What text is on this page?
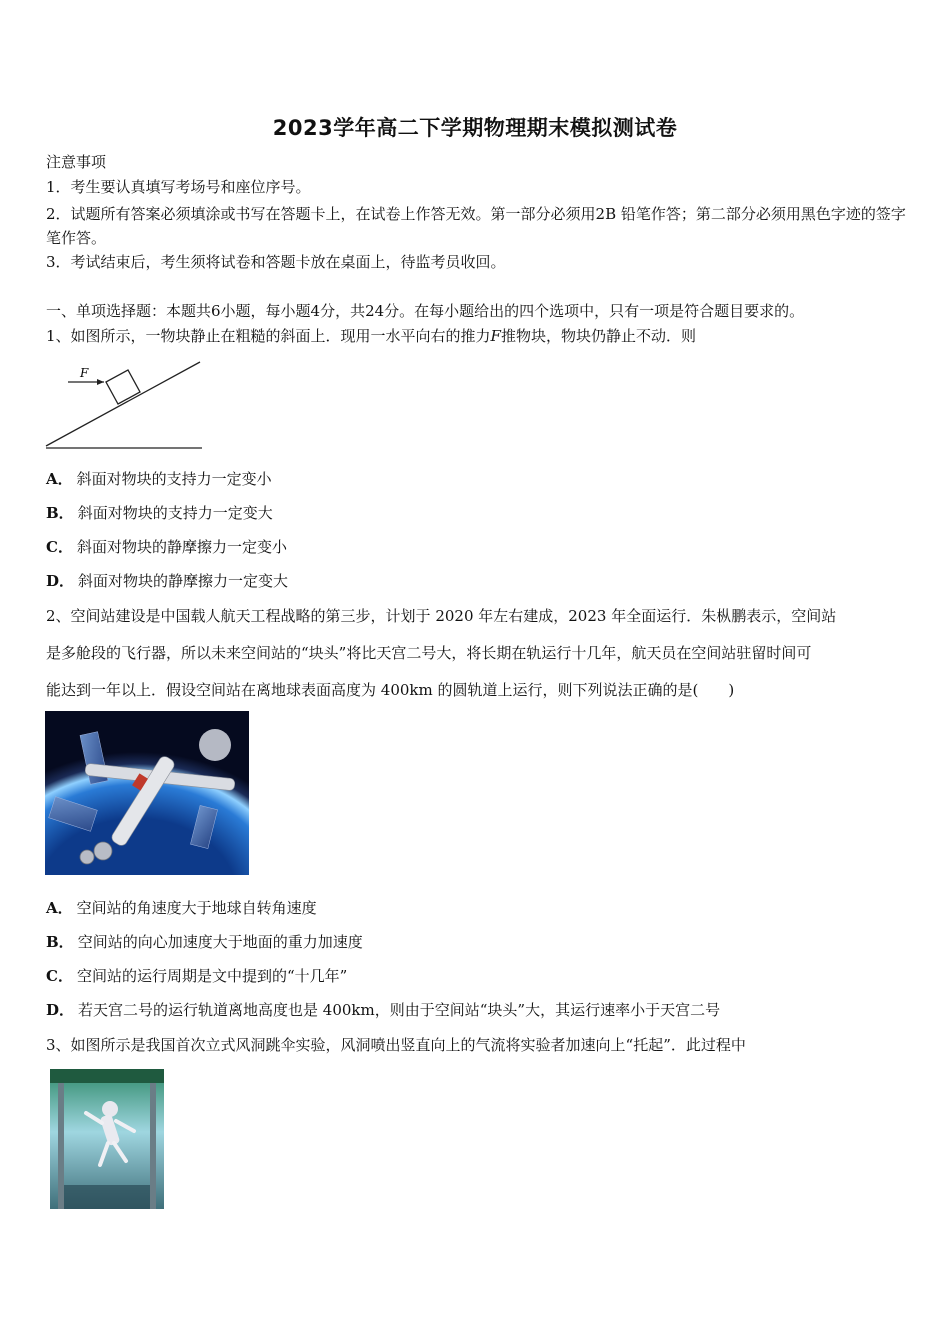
2023学年高二下学期物理期末模拟测试卷
注意事项
1．考生要认真填写考场号和座位序号。
2．试题所有答案必须填涂或书写在答题卡上，在试卷上作答无效。第一部分必须用2B 铅笔作答；第二部分必须用黑色字迹的签字笔作答。
3．考试结束后，考生须将试卷和答题卡放在桌面上，待监考员收回。
一、单项选择题：本题共6小题，每小题4分，共24分。在每小题给出的四个选项中，只有一项是符合题目要求的。
1、如图所示，一物块静止在粗糙的斜面上．现用一水平向右的推力F推物块，物块仍静止不动．则
F
A． 斜面对物块的支持力一定变小
B． 斜面对物块的支持力一定变大
C． 斜面对物块的静摩擦力一定变小
D． 斜面对物块的静摩擦力一定变大
2、空间站建设是中国载人航天工程战略的第三步，计划于 2020 年左右建成，2023 年全面运行．朱枞鹏表示，空间站
是多舱段的飞行器，所以未来空间站的“块头”将比天宫二号大，将长期在轨运行十几年，航天员在空间站驻留时间可
能达到一年以上．假设空间站在离地球表面高度为 400km 的圆轨道上运行，则下列说法正确的是(　　)
A． 空间站的角速度大于地球自转角速度
B． 空间站的向心加速度大于地面的重力加速度
C． 空间站的运行周期是文中提到的“十几年”
D． 若天宫二号的运行轨道离地高度也是 400km，则由于空间站“块头”大，其运行速率小于天宫二号
3、如图所示是我国首次立式风洞跳伞实验，风洞喷出竖直向上的气流将实验者加速向上“托起”．此过程中
